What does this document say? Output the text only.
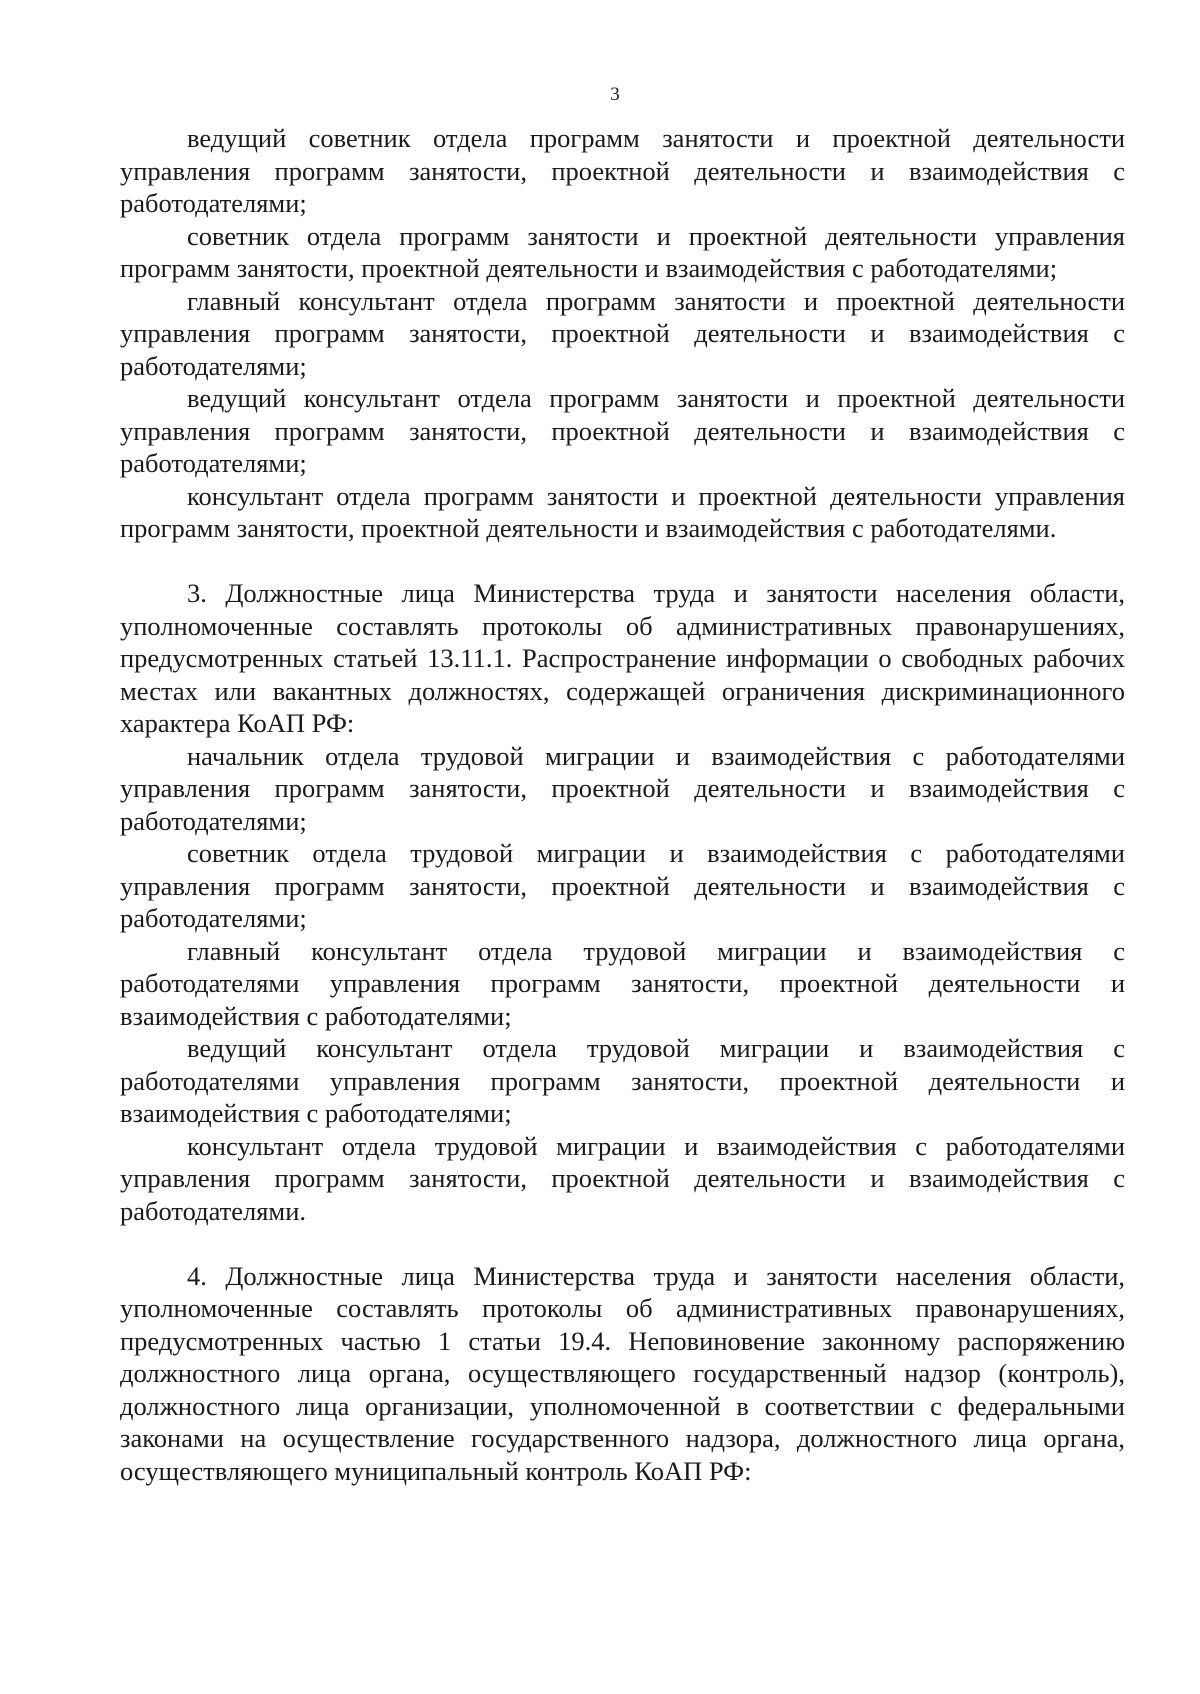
3

ведущий советник отдела программ занятости и проектной деятельности управления программ занятости, проектной деятельности и взаимодействия с работодателями;

советник отдела программ занятости и проектной деятельности управления программ занятости, проектной деятельности и взаимодействия с работодателями;

главный консультант отдела программ занятости и проектной деятельности управления программ занятости, проектной деятельности и взаимодействия с работодателями;

ведущий консультант отдела программ занятости и проектной деятельности управления программ занятости, проектной деятельности и взаимодействия с работодателями;

консультант отдела программ занятости и проектной деятельности управления программ занятости, проектной деятельности и взаимодействия с работодателями.

3. Должностные лица Министерства труда и занятости населения области, уполномоченные составлять протоколы об административных правонарушениях, предусмотренных статьей 13.11.1. Распространение информации о свободных рабочих местах или вакантных должностях, содержащей ограничения дискриминационного характера КоАП РФ:

начальник отдела трудовой миграции и взаимодействия с работодателями управления программ занятости, проектной деятельности и взаимодействия с работодателями;

советник отдела трудовой миграции и взаимодействия с работодателями управления программ занятости, проектной деятельности и взаимодействия с работодателями;

главный консультант отдела трудовой миграции и взаимодействия с работодателями управления программ занятости, проектной деятельности и взаимодействия с работодателями;

ведущий консультант отдела трудовой миграции и взаимодействия с работодателями управления программ занятости, проектной деятельности и взаимодействия с работодателями;

консультант отдела трудовой миграции и взаимодействия с работодателями управления программ занятости, проектной деятельности и взаимодействия с работодателями.

4. Должностные лица Министерства труда и занятости населения области, уполномоченные составлять протоколы об административных правонарушениях, предусмотренных частью 1 статьи 19.4. Неповиновение законному распоряжению должностного лица органа, осуществляющего государственный надзор (контроль), должностного лица организации, уполномоченной в соответствии с федеральными законами на осуществление государственного надзора, должностного лица органа, осуществляющего муниципальный контроль КоАП РФ:
